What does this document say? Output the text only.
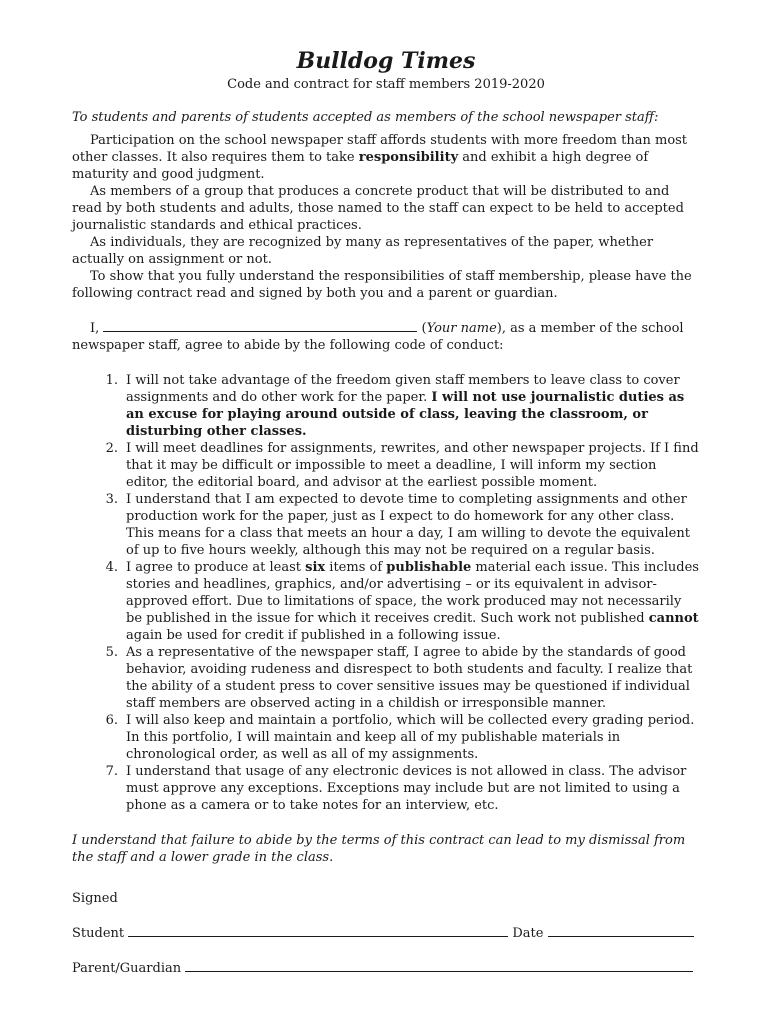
Bulldog Times

Code and contract for staff members 2019-2020

To students and parents of students accepted as members of the school newspaper staff:

Participation on the school newspaper staff affords students with more freedom than most other classes. It also requires them to take responsibility and exhibit a high degree of maturity and good judgment.

As members of a group that produces a concrete product that will be distributed to and read by both students and adults, those named to the staff can expect to be held to accepted journalistic standards and ethical practices.

As individuals, they are recognized by many as representatives of the paper, whether actually on assignment or not.

To show that you fully understand the responsibilities of staff membership, please have the following contract read and signed by both you and a parent or guardian.

I,	(Your name), as a member of the school newspaper staff, agree to abide by the following code of conduct:

1. I will not take advantage of the freedom given staff members to leave class to cover assignments and do other work for the paper. I will not use journalistic duties as an excuse for playing around outside of class, leaving the classroom, or disturbing other classes.
2. I will meet deadlines for assignments, rewrites, and other newspaper projects. If I find that it may be difficult or impossible to meet a deadline, I will inform my section editor, the editorial board, and advisor at the earliest possible moment.
3. I understand that I am expected to devote time to completing assignments and other production work for the paper, just as I expect to do homework for any other class. This means for a class that meets an hour a day, I am willing to devote the equivalent of up to five hours weekly, although this may not be required on a regular basis.
4. I agree to produce at least six items of publishable material each issue. This includes stories and headlines, graphics, and/or advertising – or its equivalent in advisor-approved effort. Due to limitations of space, the work produced may not necessarily be published in the issue for which it receives credit. Such work not published cannot again be used for credit if published in a following issue.
5. As a representative of the newspaper staff, I agree to abide by the standards of good behavior, avoiding rudeness and disrespect to both students and faculty. I realize that the ability of a student press to cover sensitive issues may be questioned if individual staff members are observed acting in a childish or irresponsible manner.
6. I will also keep and maintain a portfolio, which will be collected every grading period. In this portfolio, I will maintain and keep all of my publishable materials in chronological order, as well as all of my assignments.
7. I understand that usage of any electronic devices is not allowed in class. The advisor must approve any exceptions. Exceptions may include but are not limited to using a phone as a camera or to take notes for an interview, etc.

I understand that failure to abide by the terms of this contract can lead to my dismissal from the staff and a lower grade in the class.

Signed

Student	Date

Parent/Guardian
